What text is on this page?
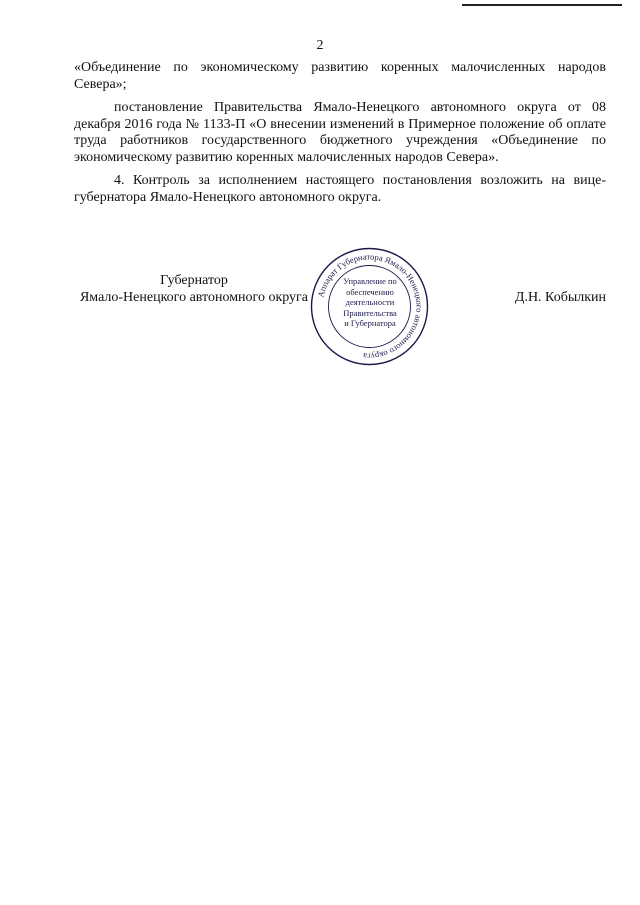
2

«Объединение по экономическому развитию коренных малочисленных народов Севера»;

постановление Правительства Ямало-Ненецкого автономного округа от 08 декабря 2016 года № 1133-П «О внесении изменений в Примерное положение об оплате труда работников государственного бюджетного учреждения «Объединение по экономическому развитию коренных малочисленных народов Севера».

4. Контроль за исполнением настоящего постановления возложить на вице-губернатора Ямало-Ненецкого автономного округа.

Губернатор
Ямало-Ненецкого автономного округа Аппарат Губернатора Ямало-Ненецкого автономного округа
Управление по
обеспечению
деятельности
Правительства
и Губернатора
Д.Н. Кобылкин
